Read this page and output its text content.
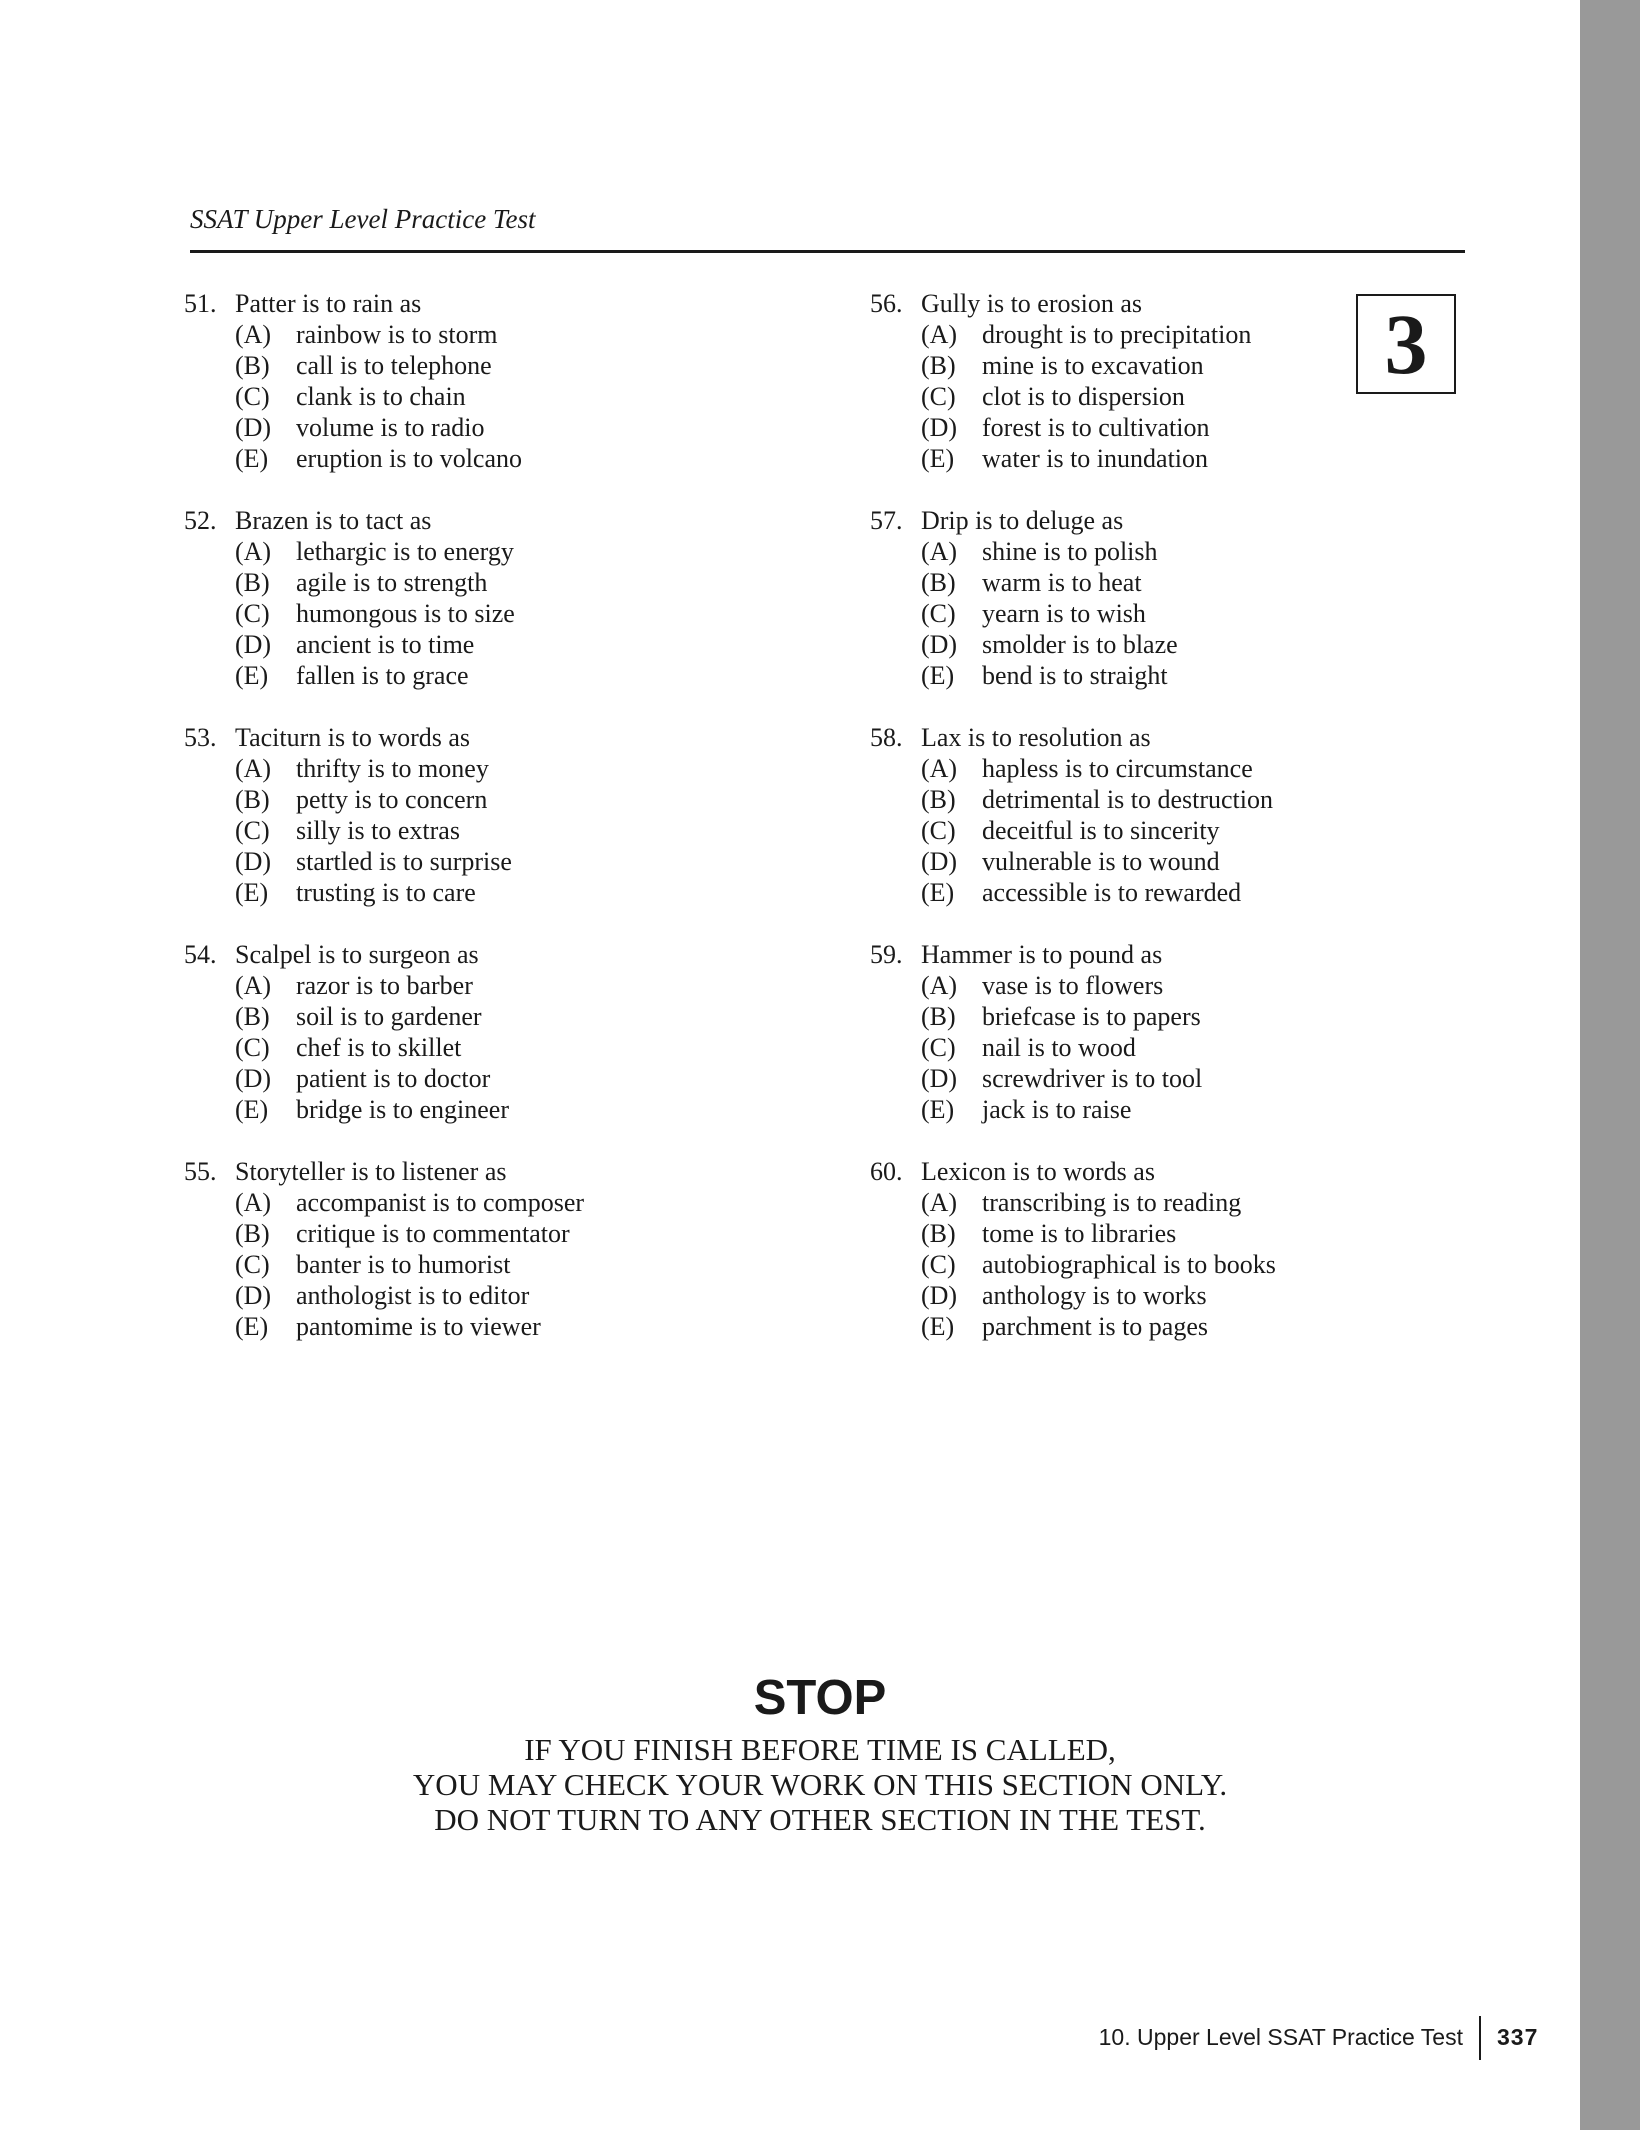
SSAT Upper Level Practice Test
3
51. Patter is to rain as
(A) rainbow is to storm
(B) call is to telephone
(C) clank is to chain
(D) volume is to radio
(E) eruption is to volcano
52. Brazen is to tact as
(A) lethargic is to energy
(B) agile is to strength
(C) humongous is to size
(D) ancient is to time
(E) fallen is to grace
53. Taciturn is to words as
(A) thrifty is to money
(B) petty is to concern
(C) silly is to extras
(D) startled is to surprise
(E) trusting is to care
54. Scalpel is to surgeon as
(A) razor is to barber
(B) soil is to gardener
(C) chef is to skillet
(D) patient is to doctor
(E) bridge is to engineer
55. Storyteller is to listener as
(A) accompanist is to composer
(B) critique is to commentator
(C) banter is to humorist
(D) anthologist is to editor
(E) pantomime is to viewer
56. Gully is to erosion as
(A) drought is to precipitation
(B) mine is to excavation
(C) clot is to dispersion
(D) forest is to cultivation
(E) water is to inundation
57. Drip is to deluge as
(A) shine is to polish
(B) warm is to heat
(C) yearn is to wish
(D) smolder is to blaze
(E) bend is to straight
58. Lax is to resolution as
(A) hapless is to circumstance
(B) detrimental is to destruction
(C) deceitful is to sincerity
(D) vulnerable is to wound
(E) accessible is to rewarded
59. Hammer is to pound as
(A) vase is to flowers
(B) briefcase is to papers
(C) nail is to wood
(D) screwdriver is to tool
(E) jack is to raise
60. Lexicon is to words as
(A) transcribing is to reading
(B) tome is to libraries
(C) autobiographical is to books
(D) anthology is to works
(E) parchment is to pages
STOP
IF YOU FINISH BEFORE TIME IS CALLED,
YOU MAY CHECK YOUR WORK ON THIS SECTION ONLY.
DO NOT TURN TO ANY OTHER SECTION IN THE TEST.
10. Upper Level SSAT Practice Test 337
